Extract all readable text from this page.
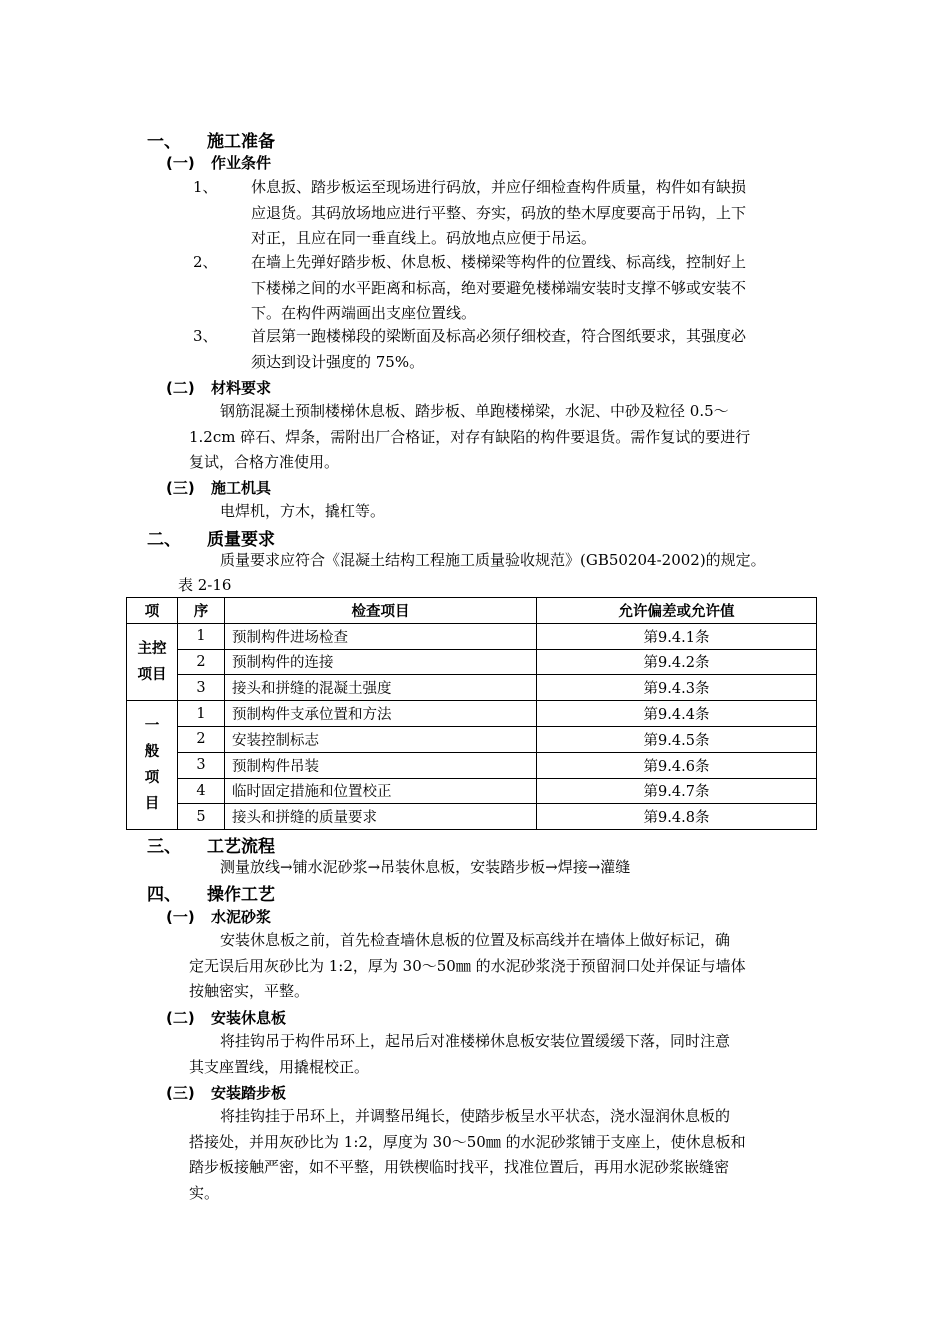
一、 施工准备
(一) 作业条件
1、 休息扳、踏步板运至现场进行码放，并应仔细检查构件质量，构件如有缺损
应退货。其码放场地应进行平整、夯实，码放的垫木厚度要高于吊钩，上下
对正，且应在同一垂直线上。码放地点应便于吊运。
2、 在墙上先弹好踏步板、休息板、楼梯梁等构件的位置线、标高线，控制好上
下楼梯之间的水平距离和标高，绝对要避免楼梯端安装时支撑不够或安装不
下。在构件两端画出支座位置线。
3、 首层第一跑楼梯段的梁断面及标高必须仔细校查，符合图纸要求，其强度必
须达到设计强度的 75%。
(二) 材料要求
钢筋混凝土预制楼梯休息板、踏步板、单跑楼梯梁，水泥、中砂及粒径 0.5～
1.2cm 碎石、焊条，需附出厂合格证，对存有缺陷的构件要退货。需作复试的要进行
复试，合格方准使用。
(三) 施工机具
电焊机，方木，撬杠等。
二、 质量要求
质量要求应符合《混凝土结构工程施工质量验收规范》(GB50204-2002)的规定。
表 2-16
项	序	检查项目	允许偏差或允许值
主控
项目	1	预制构件进场检查	第9.4.1条
	2	预制构件的连接	第9.4.2条
	3	接头和拼缝的混凝土强度	第9.4.3条
一
般
项
目	1	预制构件支承位置和方法	第9.4.4条
	2	安装控制标志	第9.4.5条
	3	预制构件吊装	第9.4.6条
	4	临时固定措施和位置校正	第9.4.7条
	5	接头和拼缝的质量要求	第9.4.8条
三、 工艺流程
测量放线→铺水泥砂浆→吊装休息板，安装踏步板→焊接→灌缝
四、 操作工艺
(一) 水泥砂浆
安装休息板之前，首先检查墙休息板的位置及标高线并在墙体上做好标记，确
定无误后用灰砂比为 1:2，厚为 30～50㎜ 的水泥砂浆浇于预留洞口处并保证与墙体
按触密实，平整。
(二) 安装休息板
将挂钩吊于构件吊环上，起吊后对准楼梯休息板安装位置缓缓下落，同时注意
其支座置线，用撬棍校正。
(三) 安装踏步板
将挂钩挂于吊环上，并调整吊绳长，使踏步板呈水平状态，浇水湿润休息板的
搭接处，并用灰砂比为 1:2，厚度为 30～50㎜ 的水泥砂浆铺于支座上，使休息板和
踏步板接触严密，如不平整，用铁楔临时找平，找准位置后，再用水泥砂浆嵌缝密
实。
